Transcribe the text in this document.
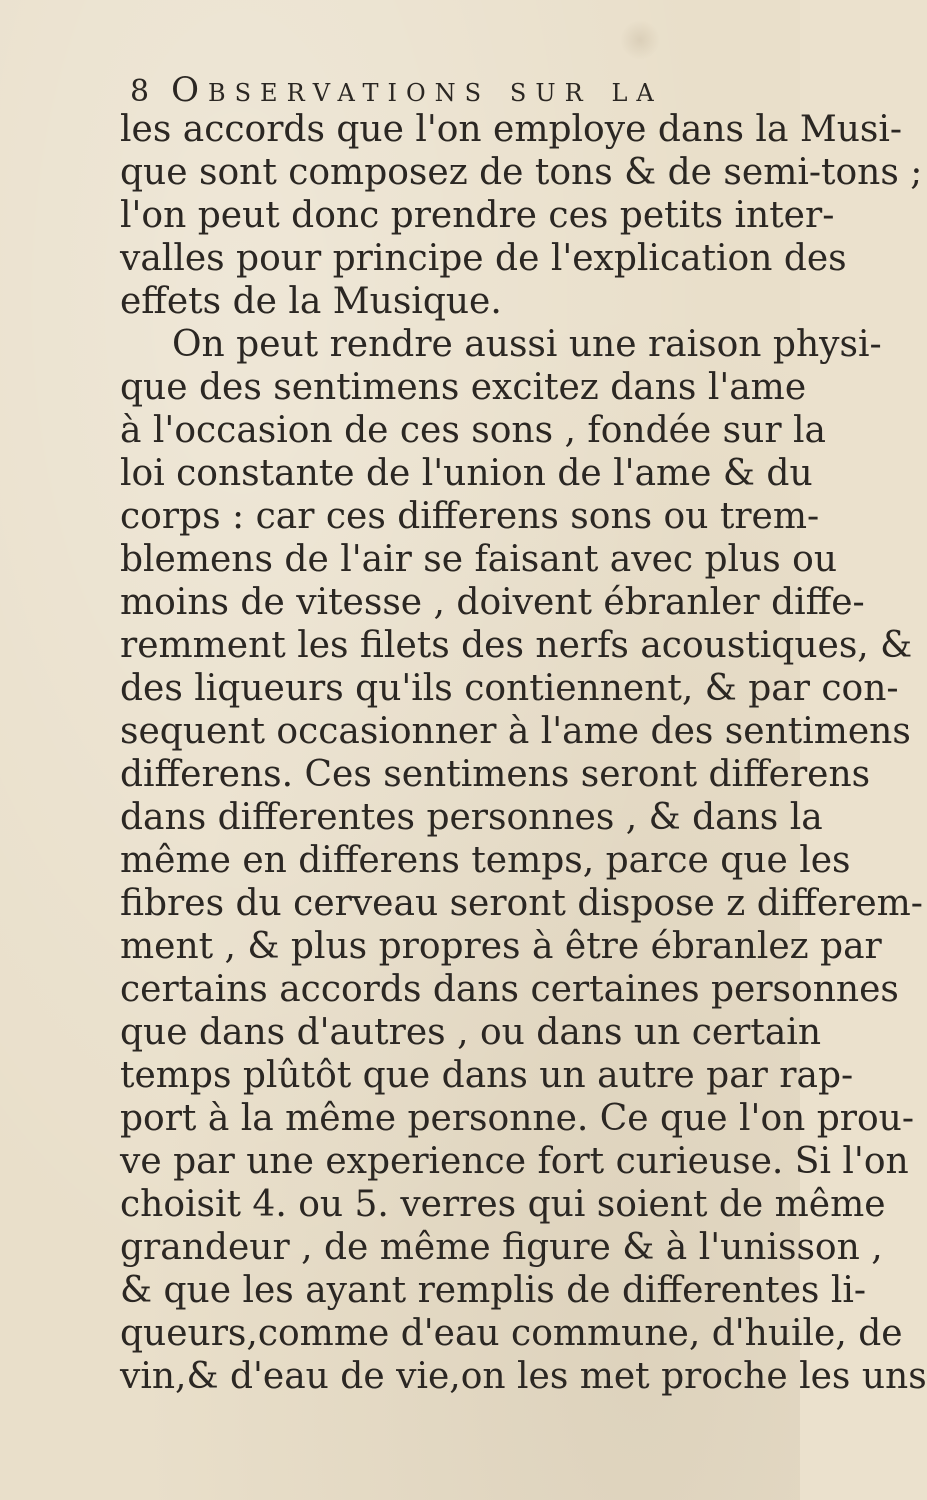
8 Observations sur la
les accords que l'on employe dans la Musi-
que sont composez de tons & de semi-tons ;
l'on peut donc prendre ces petits inter-
valles pour principe de l'explication des
effets de la Musique.
On peut rendre aussi une raison physi-
que des sentimens excitez dans l'ame
à l'occasion de ces sons , fondée sur la
loi constante de l'union de l'ame & du
corps : car ces differens sons ou trem-
blemens de l'air se faisant avec plus ou
moins de vitesse , doivent ébranler diffe-
remment les filets des nerfs acoustiques, &
des liqueurs qu'ils contiennent, & par con-
sequent occasionner à l'ame des sentimens
differens. Ces sentimens seront differens
dans differentes personnes , & dans la
même en differens temps, parce que les
fibres du cerveau seront dispose z differem-
ment , & plus propres à être ébranlez par
certains accords dans certaines personnes
que dans d'autres , ou dans un certain
temps plûtôt que dans un autre par rap-
port à la même personne. Ce que l'on prou-
ve par une experience fort curieuse. Si l'on
choisit 4. ou 5. verres qui soient de même
grandeur , de même figure & à l'unisson ,
& que les ayant remplis de differentes li-
queurs,comme d'eau commune, d'huile, de
vin,& d'eau de vie,on les met proche les uns
